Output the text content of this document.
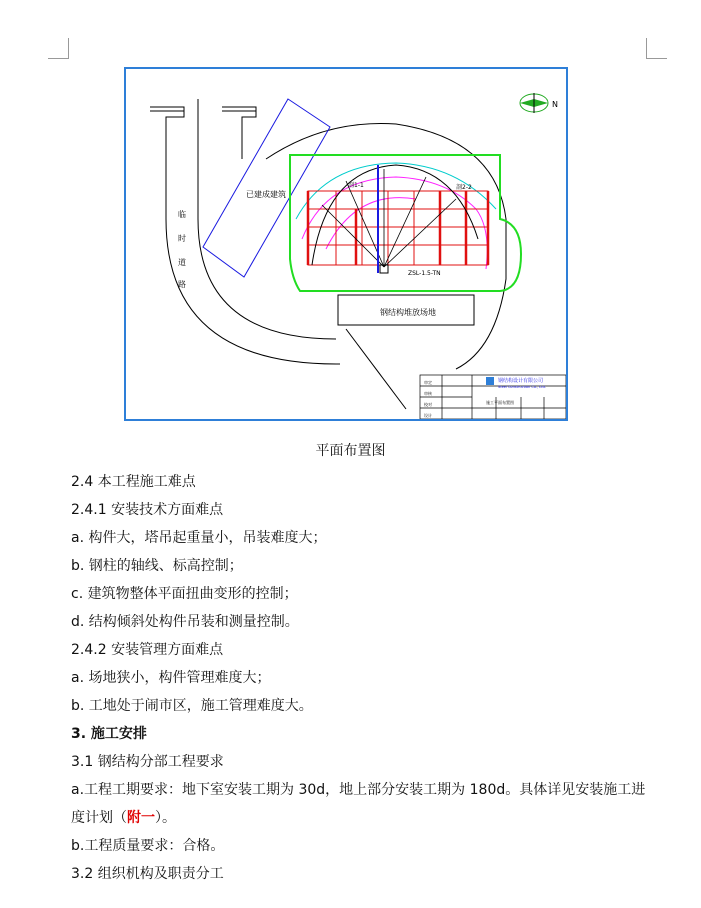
已建成建筑
临
时
道
路
钢结构堆放场地
ZSL-1.5-TN
剖1-1	剖2-2
N
钢结构设计有限公司
Steel Construction Co., Ltd.
审定
审核
校对
设计
施工平面布置图
平面布置图
2.4 本工程施工难点
2.4.1 安装技术方面难点
a. 构件大，塔吊起重量小，吊装难度大；
b. 钢柱的轴线、标高控制；
c. 建筑物整体平面扭曲变形的控制；
d. 结构倾斜处构件吊装和测量控制。
2.4.2 安装管理方面难点
a. 场地狭小，构件管理难度大；
b. 工地处于闹市区，施工管理难度大。
3. 施工安排
3.1 钢结构分部工程要求
a.工程工期要求：地下室安装工期为 30d，地上部分安装工期为 180d。具体详见安装施工进
度计划（附一）。
b.工程质量要求：合格。
3.2 组织机构及职责分工
